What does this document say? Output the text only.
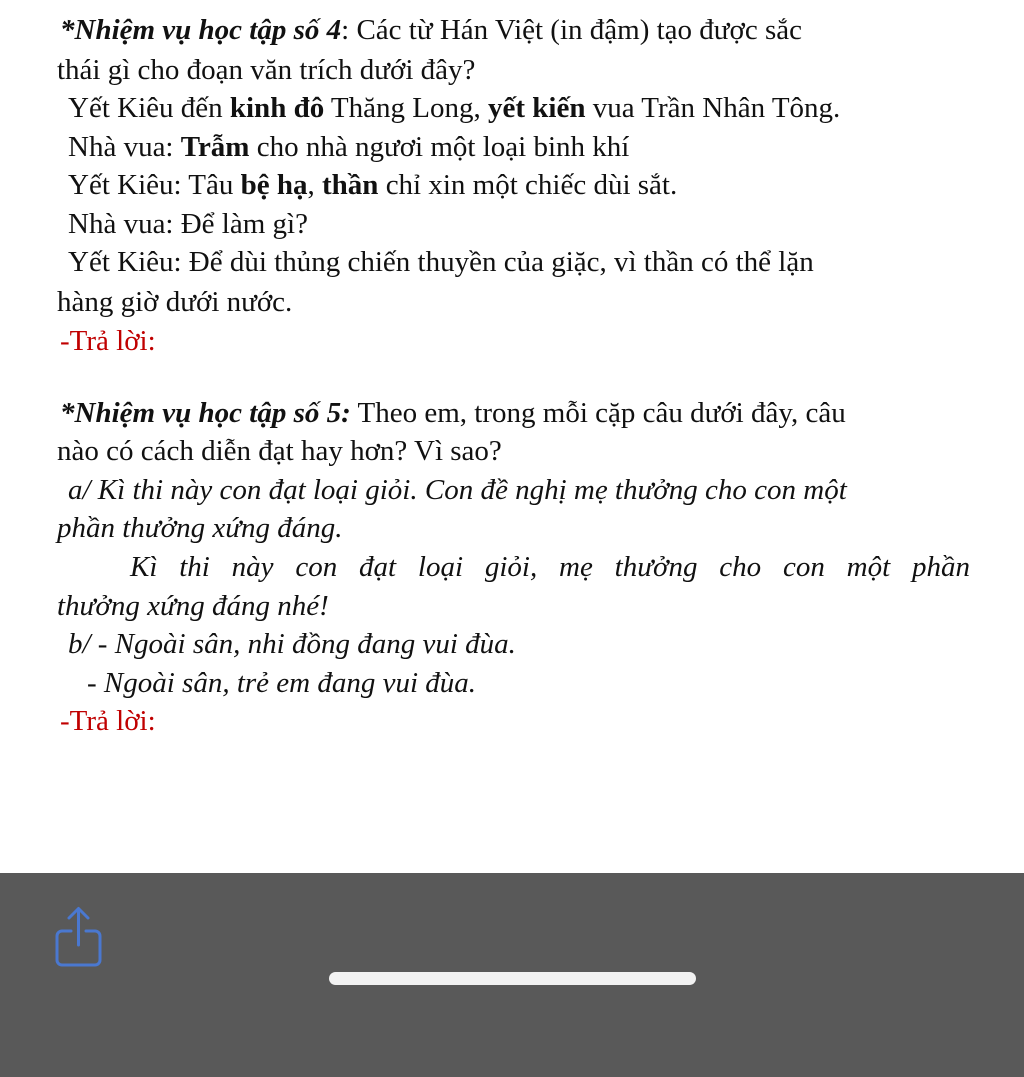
*Nhiệm vụ học tập số 4: Các từ Hán Việt (in đậm) tạo được sắc
thái gì cho đoạn văn trích dưới đây?
Yết Kiêu đến kinh đô Thăng Long, yết kiến vua Trần Nhân Tông.
Nhà vua: Trẫm cho nhà ngươi một loại binh khí
Yết Kiêu: Tâu bệ hạ, thần chỉ xin một chiếc dùi sắt.
Nhà vua: Để làm gì?
Yết Kiêu: Để dùi thủng chiến thuyền của giặc, vì thần có thể lặn
hàng giờ dưới nước.
-Trả lời:
*Nhiệm vụ học tập số 5: Theo em, trong mỗi cặp câu dưới đây, câu
nào có cách diễn đạt hay hơn? Vì sao?
a/ Kì thi này con đạt loại giỏi. Con đề nghị mẹ thưởng cho con một
phần thưởng xứng đáng.
Kì thi này con đạt loại giỏi, mẹ thưởng cho con một phần
thưởng xứng đáng nhé!
b/ - Ngoài sân, nhi đồng đang vui đùa.
- Ngoài sân, trẻ em đang vui đùa.
-Trả lời:
